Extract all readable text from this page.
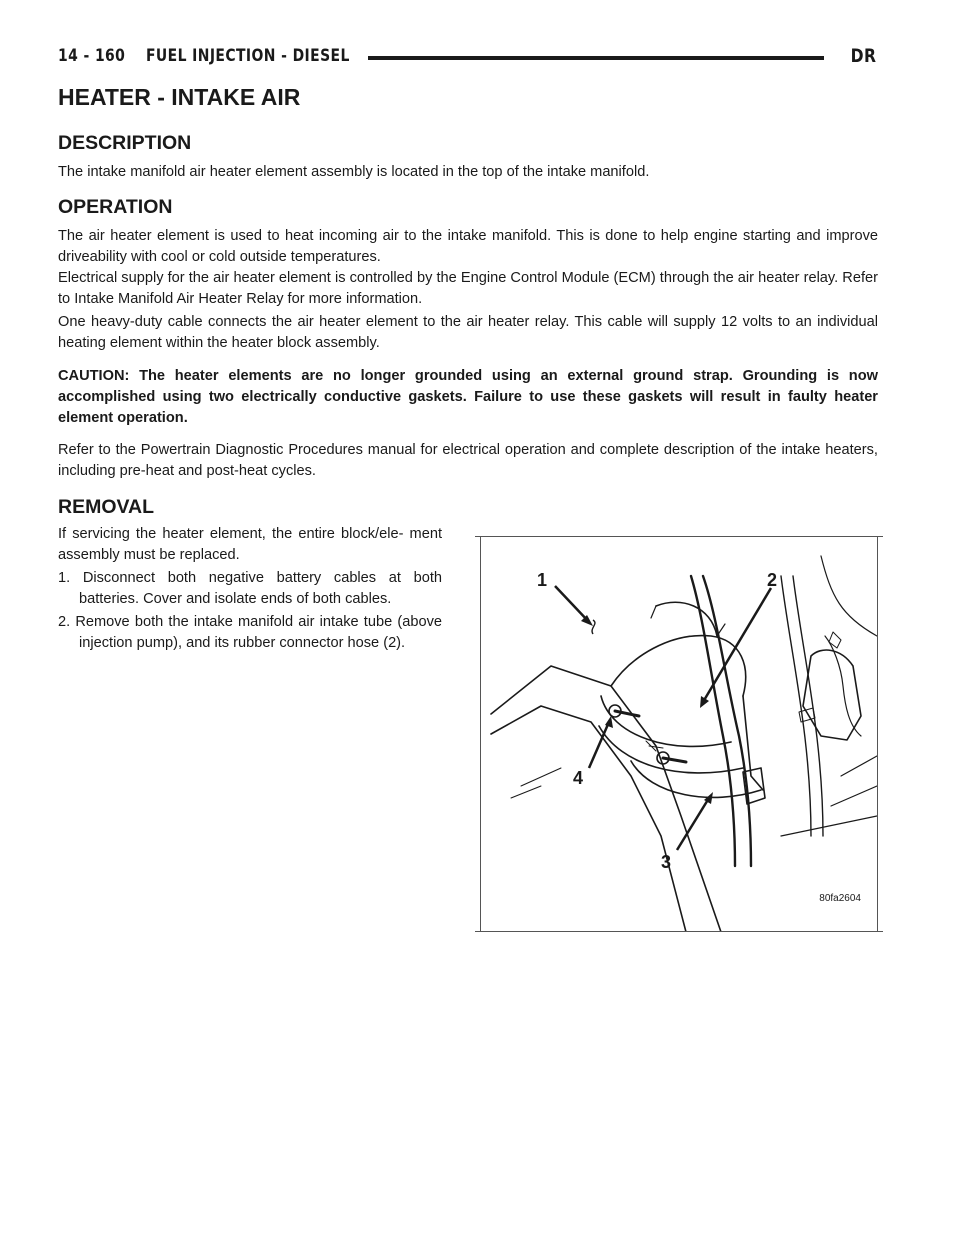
14 - 160 FUEL INJECTION - DIESEL	DR
HEATER - INTAKE AIR
DESCRIPTION

The intake manifold air heater element assembly is located in the top of the intake manifold.

OPERATION

The air heater element is used to heat incoming air to the intake manifold. This is done to help engine starting and improve driveability with cool or cold outside temperatures.

Electrical supply for the air heater element is controlled by the Engine Control Module (ECM) through the air heater relay. Refer to Intake Manifold Air Heater Relay for more information.

One heavy-duty cable connects the air heater element to the air heater relay. This cable will supply 12 volts to an individual heating element within the heater block assembly.

CAUTION: The heater elements are no longer grounded using an external ground strap. Grounding is now accomplished using two electrically conductive gaskets. Failure to use these gaskets will result in faulty heater element operation.

Refer to the Powertrain Diagnostic Procedures manual for electrical operation and complete description of the intake heaters, including pre-heat and post-heat cycles.

REMOVAL

If servicing the heater element, the entire block/ele- ment assembly must be replaced.

1. Disconnect both negative battery cables at both batteries. Cover and isolate ends of both cables.

2. Remove both the intake manifold air intake tube (above injection pump), and its rubber connector hose (2).

1	2
4
3
80fa2604
